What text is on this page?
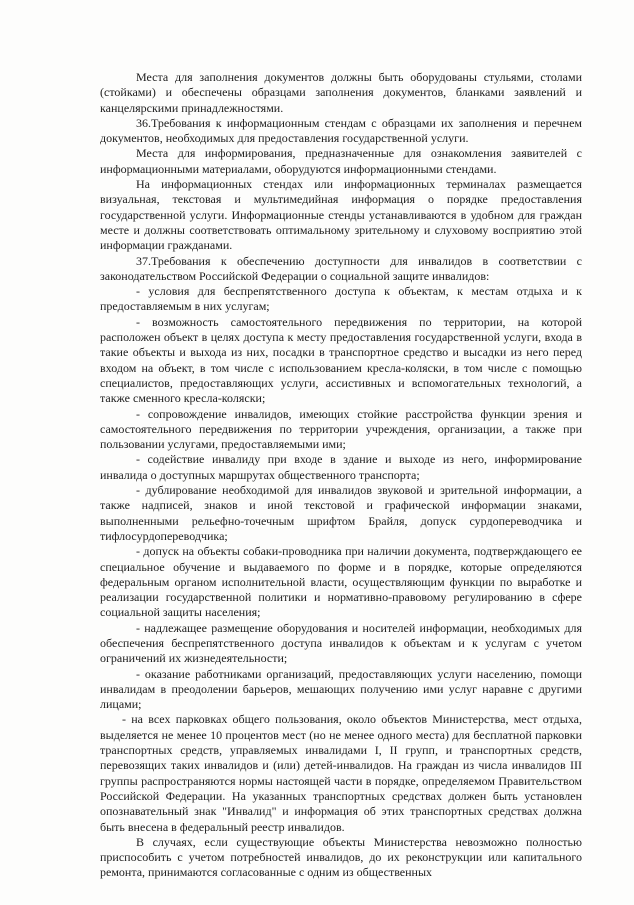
Места для заполнения документов должны быть оборудованы стульями, столами (стойками) и обеспечены образцами заполнения документов, бланками заявлений и канцелярскими принадлежностями.

36.Требования к информационным стендам с образцами их заполнения и перечнем документов, необходимых для предоставления государственной услуги.

Места для информирования, предназначенные для ознакомления заявителей с информационными материалами, оборудуются информационными стендами.

На информационных стендах или информационных терминалах размещается визуальная, текстовая и мультимедийная информация о порядке предоставления государственной услуги. Информационные стенды устанавливаются в удобном для граждан месте и должны соответствовать оптимальному зрительному и слуховому восприятию этой информации гражданами.

37.Требования к обеспечению доступности для инвалидов в соответствии с законодательством Российской Федерации о социальной защите инвалидов:

- условия для беспрепятственного доступа к объектам, к местам отдыха и к предоставляемым в них услугам;

- возможность самостоятельного передвижения по территории, на которой расположен объект в целях доступа к месту предоставления государственной услуги, входа в такие объекты и выхода из них, посадки в транспортное средство и высадки из него перед входом на объект, в том числе с использованием кресла-коляски, в том числе с помощью специалистов, предоставляющих услуги, ассистивных и вспомогательных технологий, а также сменного кресла-коляски;

- сопровождение инвалидов, имеющих стойкие расстройства функции зрения и самостоятельного передвижения по территории учреждения, организации, а также при пользовании услугами, предоставляемыми ими;

- содействие инвалиду при входе в здание и выходе из него, информирование инвалида о доступных маршрутах общественного транспорта;

- дублирование необходимой для инвалидов звуковой и зрительной информации, а также надписей, знаков и иной текстовой и графической информации знаками, выполненными рельефно-точечным шрифтом Брайля, допуск сурдопереводчика и тифлосурдопереводчика;

- допуск на объекты собаки-проводника при наличии документа, подтверждающего ее специальное обучение и выдаваемого по форме и в порядке, которые определяются федеральным органом исполнительной власти, осуществляющим функции по выработке и реализации государственной политики и нормативно-правовому регулированию в сфере социальной защиты населения;

- надлежащее размещение оборудования и носителей информации, необходимых для обеспечения беспрепятственного доступа инвалидов к объектам и к услугам с учетом ограничений их жизнедеятельности;

- оказание работниками организаций, предоставляющих услуги населению, помощи инвалидам в преодолении барьеров, мешающих получению ими услуг наравне с другими лицами;

- на всех парковках общего пользования, около объектов Министерства, мест отдыха, выделяется не менее 10 процентов мест (но не менее одного места) для бесплатной парковки транспортных средств, управляемых инвалидами I, II групп, и транспортных средств, перевозящих таких инвалидов и (или) детей-инвалидов. На граждан из числа инвалидов III группы распространяются нормы настоящей части в порядке, определяемом Правительством Российской Федерации. На указанных транспортных средствах должен быть установлен опознавательный знак "Инвалид" и информация об этих транспортных средствах должна быть внесена в федеральный реестр инвалидов.

В случаях, если существующие объекты Министерства невозможно полностью приспособить с учетом потребностей инвалидов, до их реконструкции или капитального ремонта, принимаются согласованные с одним из общественных
